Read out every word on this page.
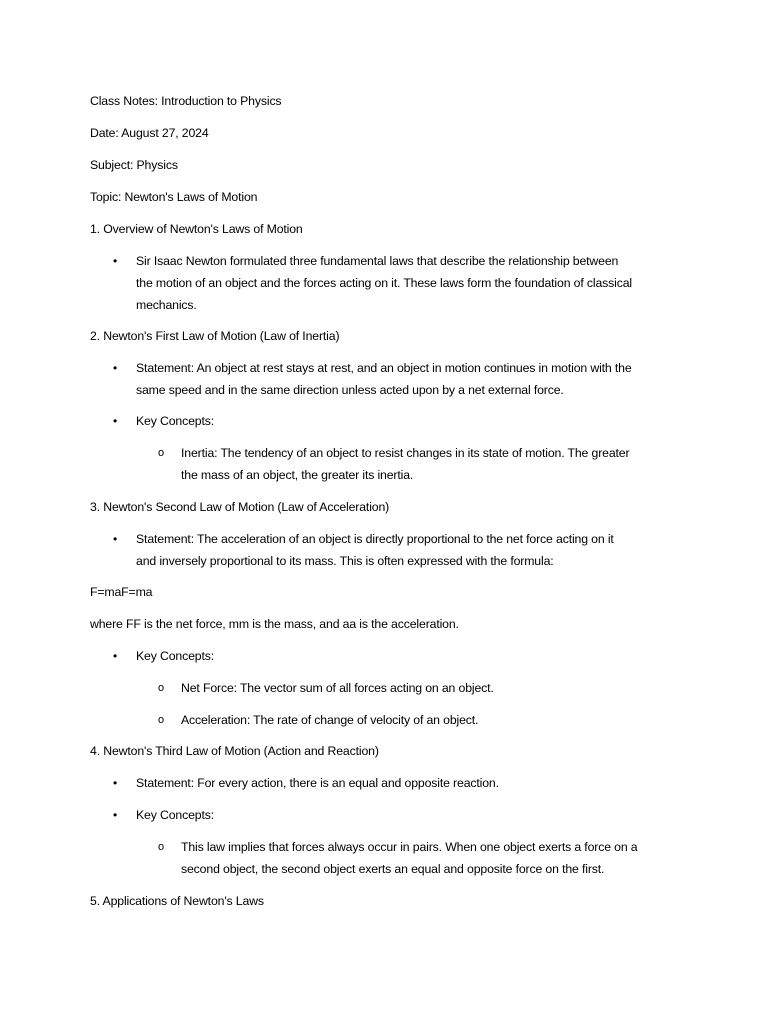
Class Notes: Introduction to Physics
Date: August 27, 2024
Subject: Physics
Topic: Newton's Laws of Motion
1. Overview of Newton's Laws of Motion
• Sir Isaac Newton formulated three fundamental laws that describe the relationship between
the motion of an object and the forces acting on it. These laws form the foundation of classical
mechanics.
2. Newton's First Law of Motion (Law of Inertia)
• Statement: An object at rest stays at rest, and an object in motion continues in motion with the
same speed and in the same direction unless acted upon by a net external force.
• Key Concepts:
o Inertia: The tendency of an object to resist changes in its state of motion. The greater
the mass of an object, the greater its inertia.
3. Newton's Second Law of Motion (Law of Acceleration)
• Statement: The acceleration of an object is directly proportional to the net force acting on it
and inversely proportional to its mass. This is often expressed with the formula:
F=maF=ma
where FF is the net force, mm is the mass, and aa is the acceleration.
• Key Concepts:
o Net Force: The vector sum of all forces acting on an object.
o Acceleration: The rate of change of velocity of an object.
4. Newton's Third Law of Motion (Action and Reaction)
• Statement: For every action, there is an equal and opposite reaction.
• Key Concepts:
o This law implies that forces always occur in pairs. When one object exerts a force on a
second object, the second object exerts an equal and opposite force on the first.
5. Applications of Newton's Laws
